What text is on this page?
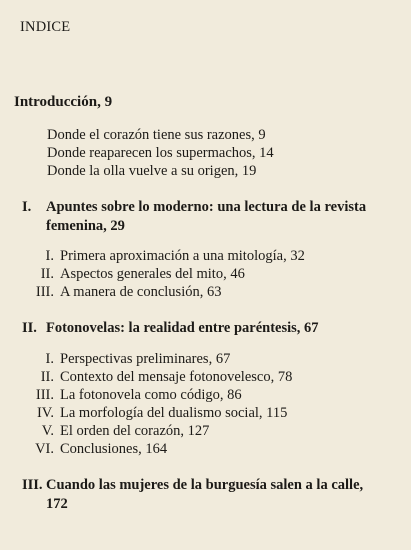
INDICE
Introducción, 9
Donde el corazón tiene sus razones, 9
Donde reaparecen los supermachos, 14
Donde la olla vuelve a su origen, 19
I. Apuntes sobre lo moderno: una lectura de la revista
femenina, 29
I. Primera aproximación a una mitología, 32
II. Aspectos generales del mito, 46
III. A manera de conclusión, 63
II. Fotonovelas: la realidad entre paréntesis, 67
I. Perspectivas preliminares, 67
II. Contexto del mensaje fotonovelesco, 78
III. La fotonovela como código, 86
IV. La morfología del dualismo social, 115
V. El orden del corazón, 127
VI. Conclusiones, 164
III. Cuando las mujeres de la burguesía salen a la calle,
172
